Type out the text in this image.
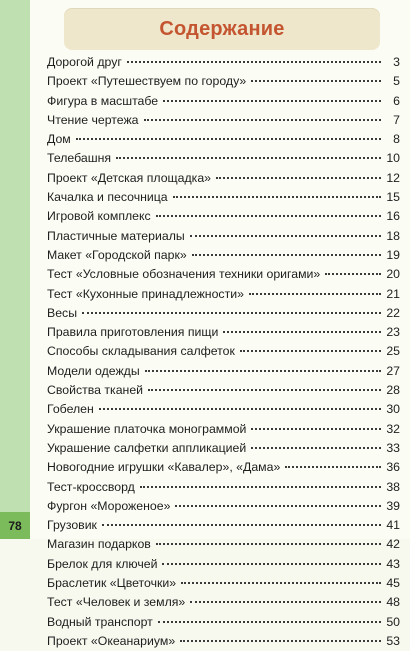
78
Содержание
Дорогой друг	3
Проект «Путешествуем по городу»	5
Фигура в масштабе	6
Чтение чертежа	7
Дом	8
Телебашня	10
Проект «Детская площадка»	12
Качалка и песочница	15
Игровой комплекс	16
Пластичные материалы	18
Макет «Городской парк»	19
Тест «Условные обозначения техники оригами»	20
Тест «Кухонные принадлежности»	21
Весы	22
Правила приготовления пищи	23
Способы складывания салфеток	25
Модели одежды	27
Свойства тканей	28
Гобелен	30
Украшение платочка монограммой	32
Украшение салфетки аппликацией	33
Новогодние игрушки «Кавалер», «Дама»	36
Тест-кроссворд	38
Фургон «Мороженое»	39
Грузовик	41
Магазин подарков	42
Брелок для ключей	43
Браслетик «Цветочки»	45
Тест «Человек и земля»	48
Водный транспорт	50
Проект «Океанариум»	53
